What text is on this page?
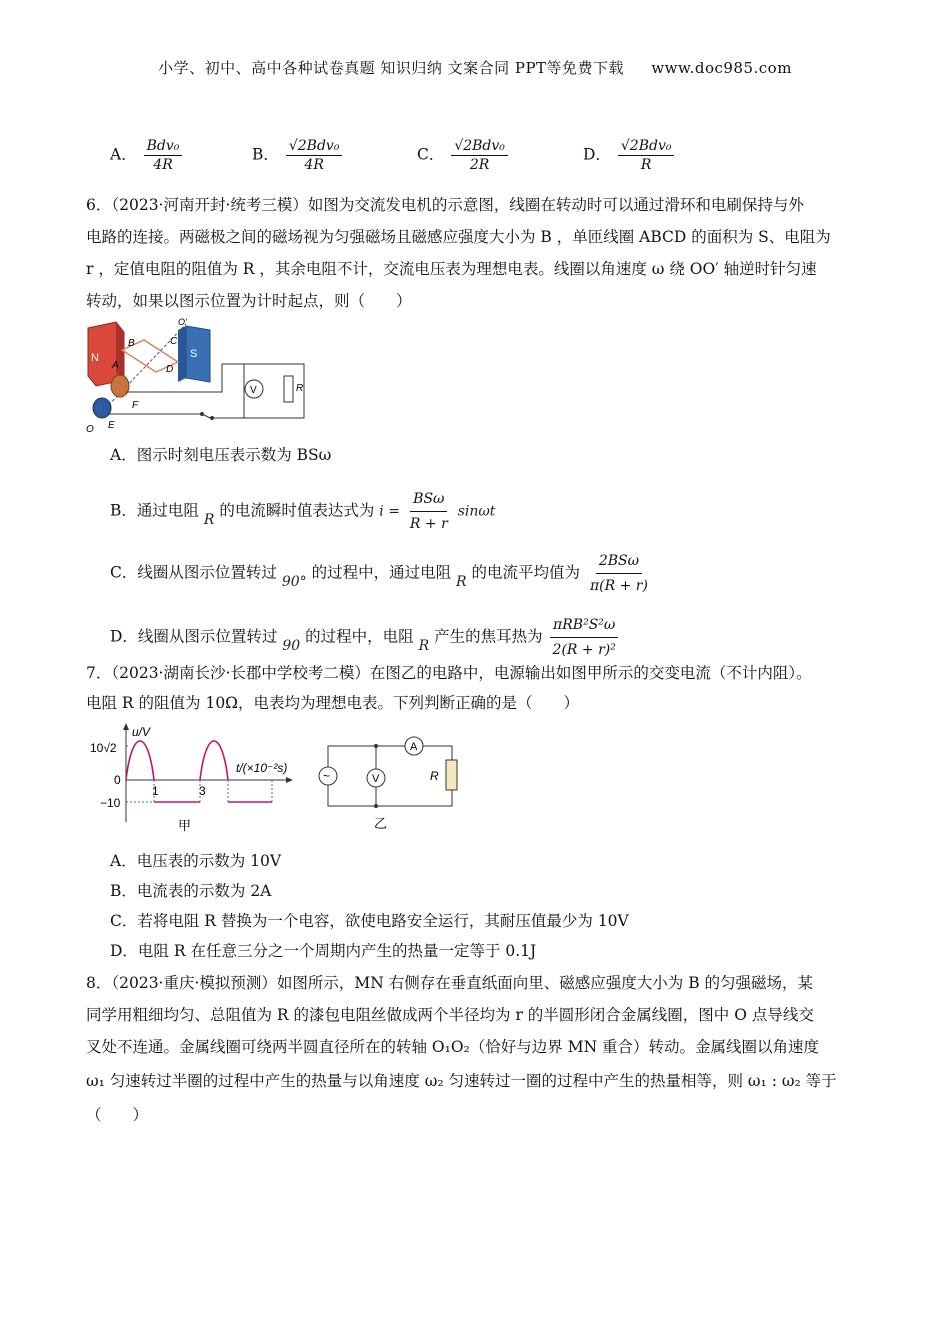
小学、初中、高中各种试卷真题 知识归纳 文案合同 PPT等免费下载 www.doc985.com
A． $\frac{\text{Bdv₀}}{4R}$	B． $\frac{\text{√2Bdv₀}}{4R}$	C． $\frac{\text{√2Bdv₀}}{2R}$	D． $\frac{\text{√2Bdv₀}}{R}$
6．（2023·河南开封·统考三模）如图为交流发电机的示意图，线圈在转动时可以通过滑环和电刷保持与外
电路的连接。两磁极之间的磁场视为匀强磁场且磁感应强度大小为 B ，单匝线圈 ABCD 的面积为 S、电阻为
r ，定值电阻的阻值为 R ，其余电阻不计，交流电压表为理想电表。线圈以角速度 ω 绕 OO′ 轴逆时针匀速
转动，如果以图示位置为计时起点，则（　　）
N	S
A
B	C
D
O′
F
E
O
V	R
A．图示时刻电压表示数为 BSω
B．通过电阻 R 的电流瞬时值表达式为 $i = \frac{\text{BSω}}{R + r}$ sinωt
C．线圈从图示位置转过 90° 的过程中，通过电阻 R 的电流平均值为 $\frac{\text{2BSω}}{\pi(R + r)}$
D．线圈从图示位置转过 90 的过程中，电阻 R 产生的焦耳热为 $\frac{\text{πRB²S²ω}}{\text{2(R + r)²}}$
7．（2023·湖南长沙·长郡中学校考二模）在图乙的电路中，电源输出如图甲所示的交变电流（不计内阻）。
电阻 R 的阻值为 10Ω，电表均为理想电表。下列判断正确的是（　　）
u/V
10√2
0
−10
1	3
t/(×10⁻²s)
甲
~	V
A
R
乙
A．电压表的示数为 10V
B．电流表的示数为 2A
C．若将电阻 R 替换为一个电容，欲使电路安全运行，其耐压值最少为 10V
D．电阻 R 在任意三分之一个周期内产生的热量一定等于 0.1J
8．（2023·重庆·模拟预测）如图所示，MN 右侧存在垂直纸面向里、磁感应强度大小为 B 的匀强磁场，某
同学用粗细均匀、总阻值为 R 的漆包电阻丝做成两个半径均为 r 的半圆形闭合金属线圈，图中 O 点导线交
叉处不连通。金属线圈可绕两半圆直径所在的转轴 O₁O₂（恰好与边界 MN 重合）转动。金属线圈以角速度
ω₁ 匀速转过半圈的过程中产生的热量与以角速度 ω₂ 匀速转过一圈的过程中产生的热量相等，则 ω₁ : ω₂ 等于
（　　）
